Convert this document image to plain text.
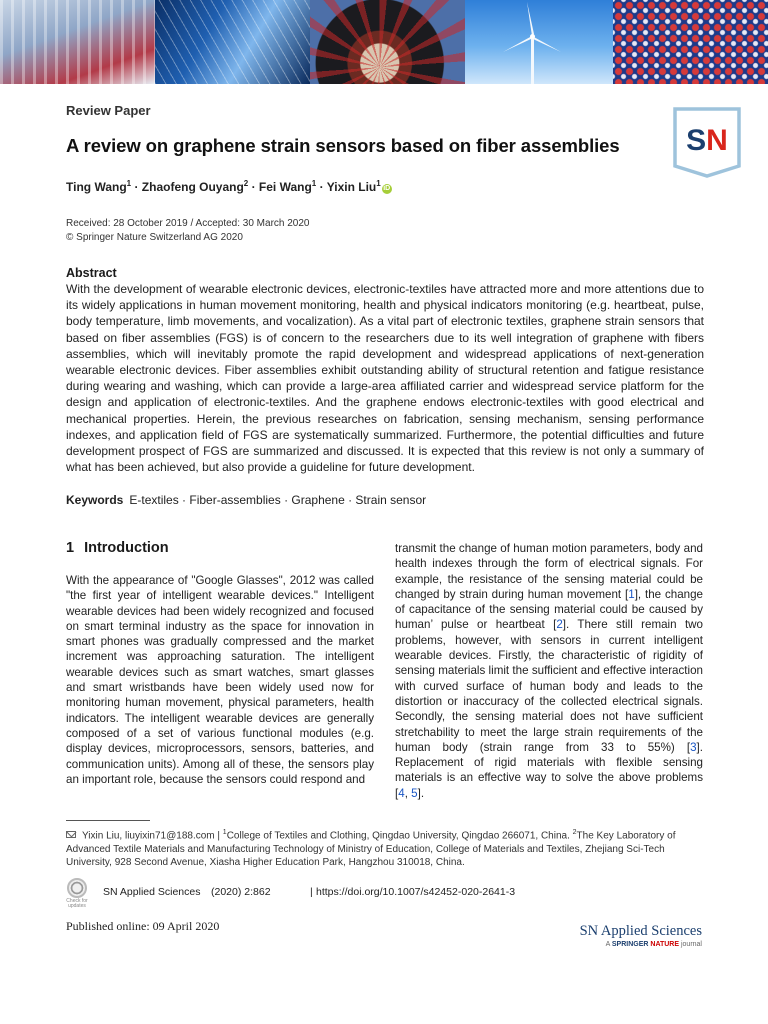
Review Paper
A review on graphene strain sensors based on fiber assemblies	SN
Ting Wang$^1$ · Zhaofeng Ouyang$^2$ · Fei Wang$^1$ · Yixin Liu$^1$iD
Received: 28 October 2019 / Accepted: 30 March 2020
© Springer Nature Switzerland AG 2020
Abstract

With the development of wearable electronic devices, electronic-textiles have attracted more and more attentions due to its widely applications in human movement monitoring, health and physical indicators monitoring (e.g. heartbeat, pulse, body temperature, limb movements, and vocalization). As a vital part of electronic textiles, graphene strain sensors that based on fiber assemblies (FGS) is of concern to the researchers due to its well integration of graphene with fibers assemblies, which will inevitably promote the rapid development and widespread applications of next-generation wearable electronic devices. Fiber assemblies exhibit outstanding ability of structural retention and fatigue resistance during wearing and washing, which can provide a large-area affiliated carrier and widespread service platform for the design and application of electronic-textiles. And the graphene endows electronic-textiles with good electrical and mechanical properties. Herein, the previous researches on fabrication, sensing mechanism, sensing performance indexes, and application field of FGS are systematically summarized. Furthermore, the potential difficulties and future development prospect of FGS are summarized and discussed. It is expected that this review is not only a summary of what has been achieved, but also provide a guideline for future development.

Keywords E-textiles · Fiber-assemblies · Graphene · Strain sensor
1 Introduction

With the appearance of "Google Glasses", 2012 was called "the first year of intelligent wearable devices." Intelligent wearable devices had been widely recognized and focused on smart terminal industry as the space for innovation in smart phones was gradually compressed and the market increment was approaching saturation. The intelligent wearable devices such as smart watches, smart glasses and smart wristbands have been widely used now for monitoring human movement, physical parameters, health indicators. The intelligent wearable devices are generally composed of a set of various functional modules (e.g. display devices, microprocessors, sensors, batteries, and communication units). Among all of these, the sensors play an important role, because the sensors could respond and

transmit the change of human motion parameters, body and health indexes through the form of electrical signals. For example, the resistance of the sensing material could be changed by strain during human movement [1], the change of capacitance of the sensing material could be caused by human’ pulse or heartbeat [2]. There still remain two problems, however, with sensors in current intelligent wearable devices. Firstly, the characteristic of rigidity of sensing materials limit the sufficient and effective interaction with curved surface of human body and leads to the distortion or inaccuracy of the collected electrical signals. Secondly, the sensing material does not have sufficient stretchability to meet the large strain requirements of the human body (strain range from 33 to 55%) [3]. Replacement of rigid materials with flexible sensing materials is an effective way to solve the above problems [4, 5].

Yixin Liu, liuyixin71@188.com | $^1$College of Textiles and Clothing, Qingdao University, Qingdao 266071, China. $^2$The Key Laboratory of Advanced Textile Materials and Manufacturing Technology of Ministry of Education, College of Materials and Textiles, Zhejiang Sci-Tech University, 928 Second Avenue, Xiasha Higher Education Park, Hangzhou 310018, China.

Check for updates
SN Applied Sciences (2020) 2:862	| https://doi.org/10.1007/s42452-020-2641-3
Published online: 09 April 2020	SN Applied Sciences
A SPRINGER NATURE journal
